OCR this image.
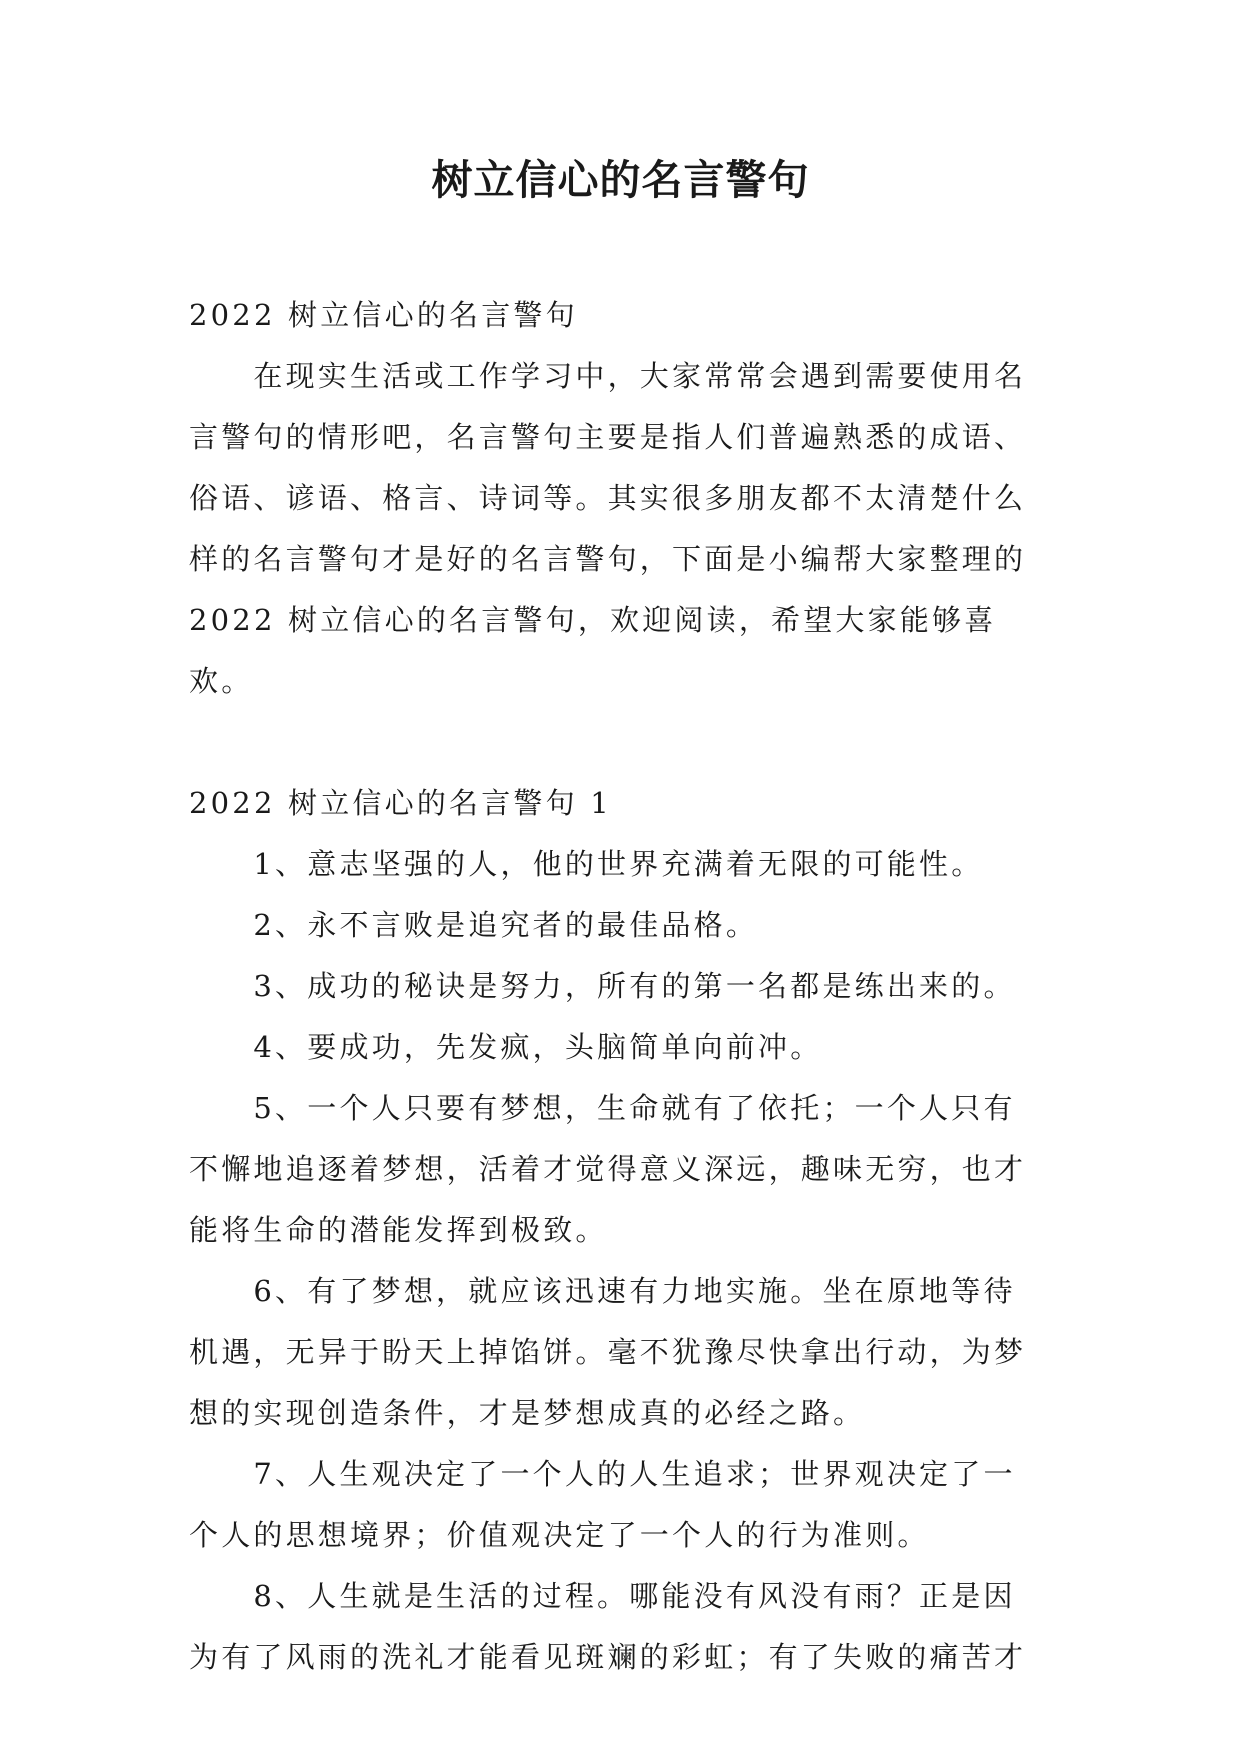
树立信心的名言警句
2022 树立信心的名言警句
　　在现实生活或工作学习中，大家常常会遇到需要使用名
言警句的情形吧，名言警句主要是指人们普遍熟悉的成语、
俗语、谚语、格言、诗词等。其实很多朋友都不太清楚什么
样的名言警句才是好的名言警句，下面是小编帮大家整理的
2022 树立信心的名言警句，欢迎阅读，希望大家能够喜欢。
2022 树立信心的名言警句 1
　　1、意志坚强的人，他的世界充满着无限的可能性。
　　2、永不言败是追究者的最佳品格。
　　3、成功的秘诀是努力，所有的第一名都是练出来的。
　　4、要成功，先发疯，头脑简单向前冲。
　　5、一个人只要有梦想，生命就有了依托；一个人只有
不懈地追逐着梦想，活着才觉得意义深远，趣味无穷，也才
能将生命的潜能发挥到极致。
　　6、有了梦想，就应该迅速有力地实施。坐在原地等待
机遇，无异于盼天上掉馅饼。毫不犹豫尽快拿出行动，为梦
想的实现创造条件，才是梦想成真的必经之路。
　　7、人生观决定了一个人的人生追求；世界观决定了一
个人的思想境界；价值观决定了一个人的行为准则。
　　8、人生就是生活的过程。哪能没有风没有雨？正是因
为有了风雨的洗礼才能看见斑斓的彩虹；有了失败的痛苦才
